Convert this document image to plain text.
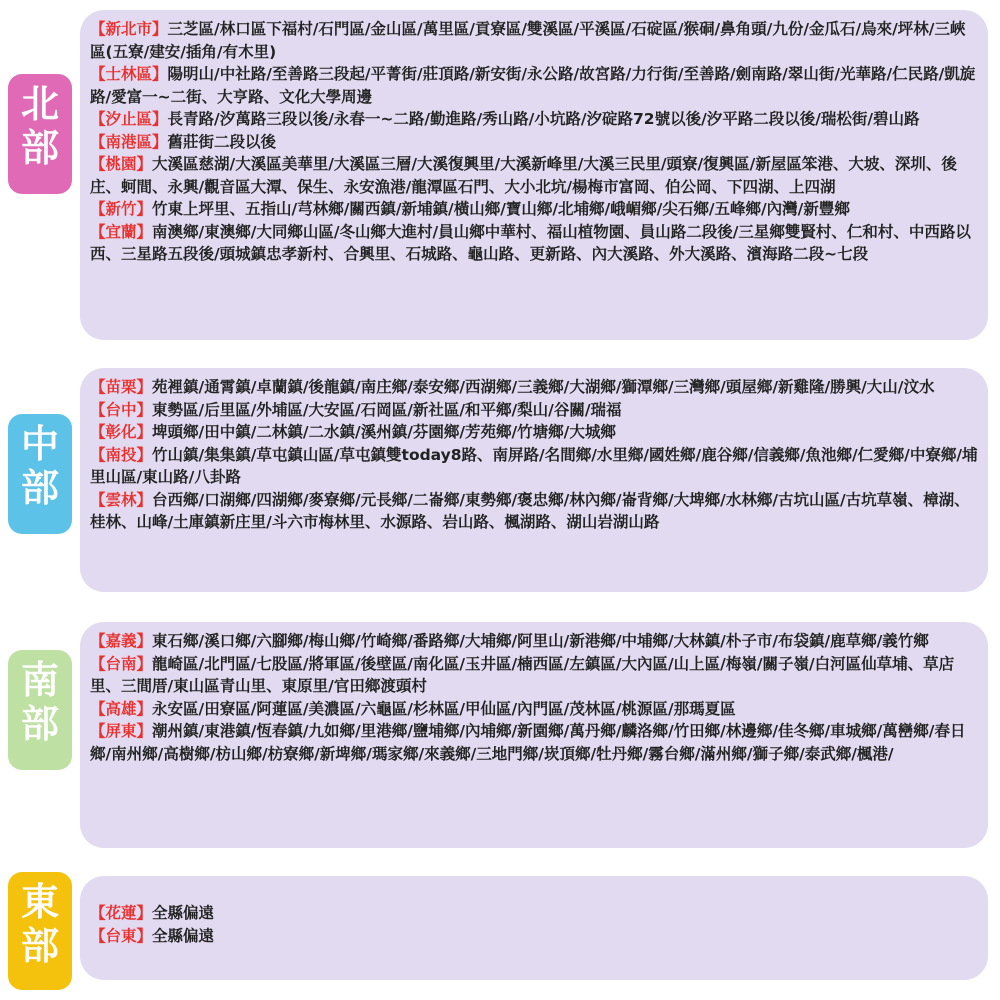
北
部
【新北市】三芝區/林口區下福村/石門區/金山區/萬里區/貢寮區/雙溪區/平溪區/石碇區/猴硐/鼻角頭/九份/金瓜石/烏來/坪林/三峽區(五寮/建安/插角/有木里)
【士林區】陽明山/中社路/至善路三段起/平菁街/莊頂路/新安街/永公路/故宮路/力行街/至善路/劍南路/翠山街/光華路/仁民路/凱旋路/愛富一~二街、大亨路、文化大學周邊
【汐止區】長青路/汐萬路三段以後/永春一~二路/勤進路/秀山路/小坑路/汐碇路72號以後/汐平路二段以後/瑞松街/碧山路
【南港區】舊莊街二段以後
【桃園】大溪區慈湖/大溪區美華里/大溪區三層/大溪復興里/大溪新峰里/大溪三民里/頭寮/復興區/新屋區笨港、大坡、深圳、後庄、蚵間、永興/觀音區大潭、保生、永安漁港/龍潭區石門、大小北坑/楊梅市富岡、伯公岡、下四湖、上四湖
【新竹】竹東上坪里、五指山/芎林鄉/關西鎮/新埔鎮/橫山鄉/寶山鄉/北埔鄉/峨嵋鄉/尖石鄉/五峰鄉/內灣/新豐鄉
【宜蘭】南澳鄉/東澳鄉/大同鄉山區/冬山鄉大進村/員山鄉中華村、福山植物園、員山路二段後/三星鄉雙賢村、仁和村、中西路以西、三星路五段後/頭城鎮忠孝新村、合興里、石城路、龜山路、更新路、內大溪路、外大溪路、濱海路二段~七段
中
部
【苗栗】苑裡鎮/通霄鎮/卓蘭鎮/後龍鎮/南庄鄉/泰安鄉/西湖鄉/三義鄉/大湖鄉/獅潭鄉/三灣鄉/頭屋鄉/新雞隆/勝興/大山/汶水
【台中】東勢區/后里區/外埔區/大安區/石岡區/新社區/和平鄉/梨山/谷關/瑞福
【彰化】埤頭鄉/田中鎮/二林鎮/二水鎮/溪州鎮/芬園鄉/芳苑鄉/竹塘鄉/大城鄉
【南投】竹山鎮/集集鎮/草屯鎮山區/草屯鎮雙today8路、南屏路/名間鄉/水里鄉/國姓鄉/鹿谷鄉/信義鄉/魚池鄉/仁愛鄉/中寮鄉/埔里山區/東山路/八卦路
【雲林】台西鄉/口湖鄉/四湖鄉/麥寮鄉/元長鄉/二崙鄉/東勢鄉/褒忠鄉/林內鄉/崙背鄉/大埤鄉/水林鄉/古坑山區/古坑草嶺、樟湖、桂林、山峰/土庫鎮新庄里/斗六市梅林里、水源路、岩山路、楓湖路、湖山岩湖山路
南
部
【嘉義】東石鄉/溪口鄉/六腳鄉/梅山鄉/竹崎鄉/番路鄉/大埔鄉/阿里山/新港鄉/中埔鄉/大林鎮/朴子市/布袋鎮/鹿草鄉/義竹鄉
【台南】龍崎區/北門區/七股區/將軍區/後壁區/南化區/玉井區/楠西區/左鎮區/大內區/山上區/梅嶺/關子嶺/白河區仙草埔、草店里、三間厝/東山區青山里、東原里/官田鄉渡頭村
【高雄】永安區/田寮區/阿蓮區/美濃區/六龜區/杉林區/甲仙區/內門區/茂林區/桃源區/那瑪夏區
【屏東】潮州鎮/東港鎮/恆春鎮/九如鄉/里港鄉/鹽埔鄉/內埔鄉/新園鄉/萬丹鄉/麟洛鄉/竹田鄉/林邊鄉/佳冬鄉/車城鄉/萬巒鄉/春日鄉/南州鄉/高樹鄉/枋山鄉/枋寮鄉/新埤鄉/瑪家鄉/來義鄉/三地門鄉/崁頂鄉/牡丹鄉/霧台鄉/滿州鄉/獅子鄉/泰武鄉/楓港/
東
部
【花蓮】全縣偏遠
【台東】全縣偏遠
